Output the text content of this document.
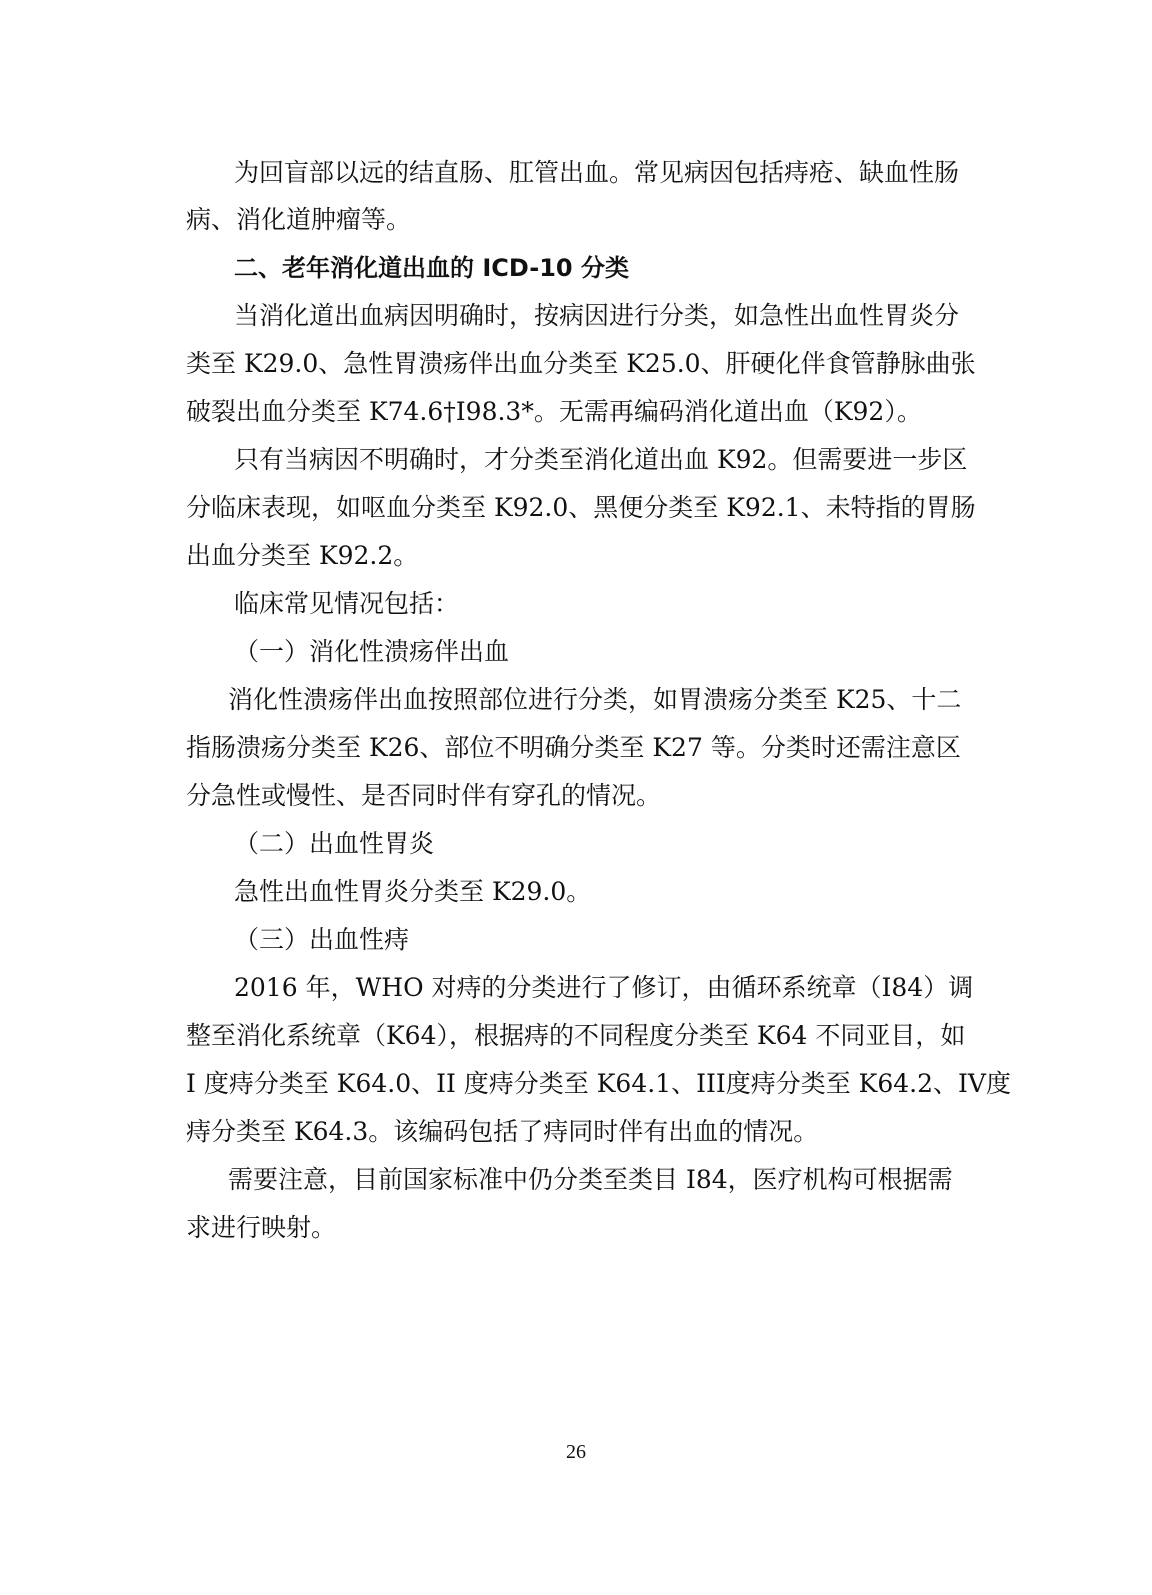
为回盲部以远的结直肠、肛管出血。常见病因包括痔疮、缺血性肠
病、消化道肿瘤等。
二、老年消化道出血的 ICD-10 分类
当消化道出血病因明确时，按病因进行分类，如急性出血性胃炎分
类至 K29.0、急性胃溃疡伴出血分类至 K25.0、肝硬化伴食管静脉曲张
破裂出血分类至 K74.6†I98.3*。无需再编码消化道出血（K92）。
只有当病因不明确时，才分类至消化道出血 K92。但需要进一步区
分临床表现，如呕血分类至 K92.0、黑便分类至 K92.1、未特指的胃肠
出血分类至 K92.2。
临床常见情况包括：
（一）消化性溃疡伴出血
消化性溃疡伴出血按照部位进行分类，如胃溃疡分类至 K25、十二
指肠溃疡分类至 K26、部位不明确分类至 K27 等。分类时还需注意区
分急性或慢性、是否同时伴有穿孔的情况。
（二）出血性胃炎
急性出血性胃炎分类至 K29.0。
（三）出血性痔
2016 年，WHO 对痔的分类进行了修订，由循环系统章（I84）调
整至消化系统章（K64），根据痔的不同程度分类至 K64 不同亚目，如
I 度痔分类至 K64.0、II 度痔分类至 K64.1、III度痔分类至 K64.2、IV度
痔分类至 K64.3。该编码包括了痔同时伴有出血的情况。
需要注意，目前国家标准中仍分类至类目 I84，医疗机构可根据需
求进行映射。
26
